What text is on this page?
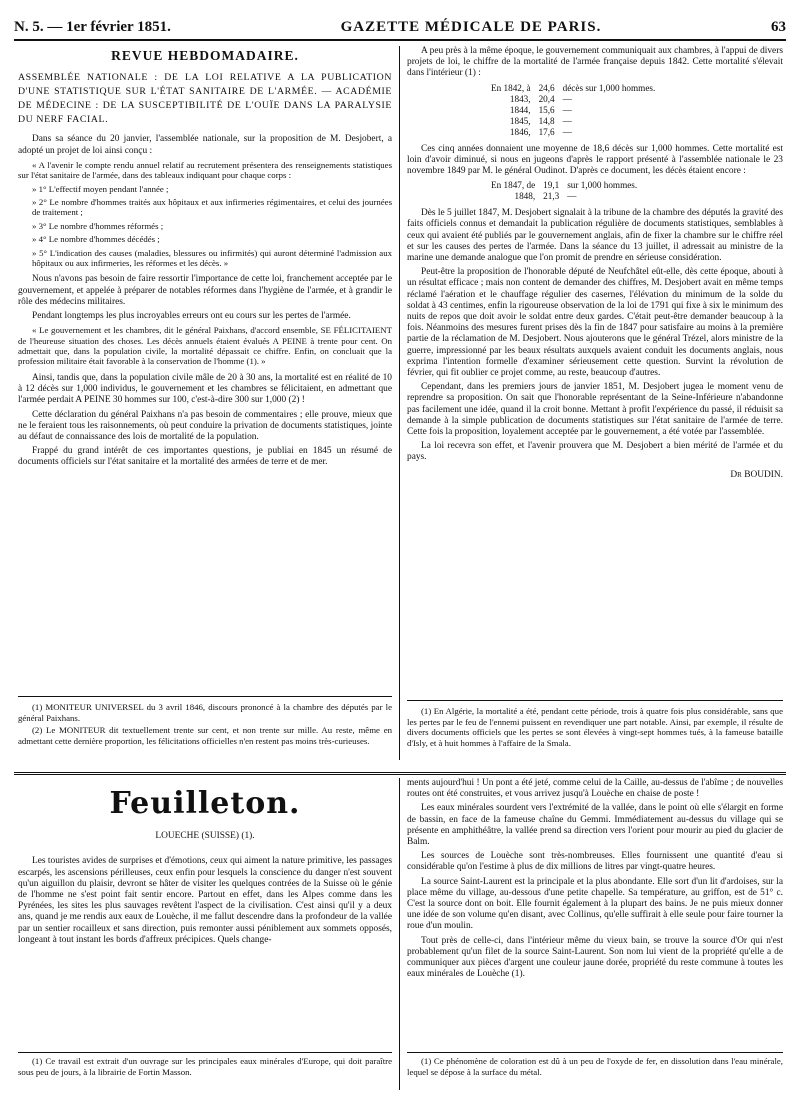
N. 5. — 1er février 1851.	GAZETTE MÉDICALE DE PARIS.	63
REVUE HEBDOMADAIRE.
ASSEMBLÉE NATIONALE : DE LA LOI RELATIVE A LA PUBLICATION D'UNE STATISTIQUE SUR L'ÉTAT SANITAIRE DE L'ARMÉE. — ACADÉMIE DE MÉDECINE : DE LA SUSCEPTIBILITÉ DE L'OUÏE DANS LA PARALYSIE DU NERF FACIAL.

Dans sa séance du 20 janvier, l'assemblée nationale, sur la proposition de M. Desjobert, a adopté un projet de loi ainsi conçu :

« A l'avenir le compte rendu annuel relatif au recrutement présentera des renseignements statistiques sur l'état sanitaire de l'armée, dans des tableaux indiquant pour chaque corps :

» 1° L'effectif moyen pendant l'année ;

» 2° Le nombre d'hommes traités aux hôpitaux et aux infirmeries régimentaires, et celui des journées de traitement ;

» 3° Le nombre d'hommes réformés ;

» 4° Le nombre d'hommes décédés ;

» 5° L'indication des causes (maladies, blessures ou infirmités) qui auront déterminé l'admission aux hôpitaux ou aux infirmeries, les réformes et les décès. »

Nous n'avons pas besoin de faire ressortir l'importance de cette loi, franchement acceptée par le gouvernement, et appelée à préparer de notables réformes dans l'hygiène de l'armée, et à grandir le rôle des médecins militaires.

Pendant longtemps les plus incroyables erreurs ont eu cours sur les pertes de l'armée.

« Le gouvernement et les chambres, dit le général Paixhans, d'accord ensemble, SE FÉLICITAIENT de l'heureuse situation des choses. Les décès annuels étaient évalués A PEINE à trente pour cent. On admettait que, dans la population civile, la mortalité dépassait ce chiffre. Enfin, on concluait que la profession militaire était favorable à la conservation de l'homme (1). »

Ainsi, tandis que, dans la population civile mâle de 20 à 30 ans, la mortalité est en réalité de 10 à 12 décès sur 1,000 individus, le gouvernement et les chambres se félicitaient, en admettant que l'armée perdait A PEINE 30 hommes sur 100, c'est-à-dire 300 sur 1,000 (2) !

Cette déclaration du général Paixhans n'a pas besoin de commentaires ; elle prouve, mieux que ne le feraient tous les raisonnements, où peut conduire la privation de documents statistiques, jointe au défaut de connaissance des lois de mortalité de la population.

Frappé du grand intérêt de ces importantes questions, je publiai en 1845 un résumé de documents officiels sur l'état sanitaire et la mortalité des armées de terre et de mer.

A peu près à la même époque, le gouvernement communiquait aux chambres, à l'appui de divers projets de loi, le chiffre de la mortalité de l'armée française depuis 1842. Cette mortalité s'élevait dans l'intérieur (1) :

En 1842, à	24,6	décès sur 1,000 hommes.
1843,	20,4	—
1844,	15,6	—
1845,	14,8	—
1846,	17,6	—

Ces cinq années donnaient une moyenne de 18,6 décès sur 1,000 hommes. Cette mortalité est loin d'avoir diminué, si nous en jugeons d'après le rapport présenté à l'assemblée nationale le 23 novembre 1849 par M. le général Oudinot. D'après ce document, les décès étaient encore :

En 1847, de	19,1	sur 1,000 hommes.
1848,	21,3	—

Dès le 5 juillet 1847, M. Desjobert signalait à la tribune de la chambre des députés la gravité des faits officiels connus et demandait la publication régulière de documents statistiques, semblables à ceux qui avaient été publiés par le gouvernement anglais, afin de fixer la chambre sur le chiffre réel et sur les causes des pertes de l'armée. Dans la séance du 13 juillet, il adressait au ministre de la marine une demande analogue que l'on promit de prendre en sérieuse considération.

Peut-être la proposition de l'honorable député de Neufchâtel eût-elle, dès cette époque, abouti à un résultat efficace ; mais non content de demander des chiffres, M. Desjobert avait en même temps réclamé l'aération et le chauffage régulier des casernes, l'élévation du minimum de la solde du soldat à 43 centimes, enfin la rigoureuse observation de la loi de 1791 qui fixe à six le minimum des nuits de repos que doit avoir le soldat entre deux gardes. C'était peut-être demander beaucoup à la fois. Néanmoins des mesures furent prises dès la fin de 1847 pour satisfaire au moins à la première partie de la réclamation de M. Desjobert. Nous ajouterons que le général Trézel, alors ministre de la guerre, impressionné par les beaux résultats auxquels avaient conduit les documents anglais, nous exprima l'intention formelle d'examiner sérieusement cette question. Survint la révolution de février, qui fit oublier ce projet comme, au reste, beaucoup d'autres.

Cependant, dans les premiers jours de janvier 1851, M. Desjobert jugea le moment venu de reprendre sa proposition. On sait que l'honorable représentant de la Seine-Inférieure n'abandonne pas facilement une idée, quand il la croit bonne. Mettant à profit l'expérience du passé, il réduisit sa demande à la simple publication de documents statistiques sur l'état sanitaire de l'armée de terre. Cette fois la proposition, loyalement acceptée par le gouvernement, a été votée par l'assemblée.

La loi recevra son effet, et l'avenir prouvera que M. Desjobert a bien mérité de l'armée et du pays.

Dr BOUDIN.

(1) MONITEUR UNIVERSEL du 3 avril 1846, discours prononcé à la chambre des députés par le général Paixhans.

(2) Le MONITEUR dit textuellement trente sur cent, et non trente sur mille. Au reste, même en admettant cette dernière proportion, les félicitations officielles n'en restent pas moins très-curieuses.

(1) En Algérie, la mortalité a été, pendant cette période, trois à quatre fois plus considérable, sans que les pertes par le feu de l'ennemi puissent en revendiquer une part notable. Ainsi, par exemple, il résulte de divers documents officiels que les pertes se sont élevées à vingt-sept hommes tués, à la fameuse bataille d'Isly, et à huit hommes à l'affaire de la Smala.

Feuilleton.
LOUECHE (SUISSE) (1).

Les touristes avides de surprises et d'émotions, ceux qui aiment la nature primitive, les passages escarpés, les ascensions périlleuses, ceux enfin pour lesquels la conscience du danger n'est souvent qu'un aiguillon du plaisir, devront se hâter de visiter les quelques contrées de la Suisse où le génie de l'homme ne s'est point fait sentir encore. Partout en effet, dans les Alpes comme dans les Pyrénées, les sites les plus sauvages revêtent l'aspect de la civilisation. C'est ainsi qu'il y a deux ans, quand je me rendis aux eaux de Louèche, il me fallut descendre dans la profondeur de la vallée par un sentier rocailleux et sans direction, puis remonter aussi péniblement aux sommets opposés, longeant à tout instant les bords d'affreux précipices. Quels change-

ments aujourd'hui ! Un pont a été jeté, comme celui de la Caille, au-dessus de l'abîme ; de nouvelles routes ont été construites, et vous arrivez jusqu'à Louèche en chaise de poste !

Les eaux minérales sourdent vers l'extrémité de la vallée, dans le point où elle s'élargit en forme de bassin, en face de la fameuse chaîne du Gemmi. Immédiatement au-dessus du village qui se présente en amphithéâtre, la vallée prend sa direction vers l'orient pour mourir au pied du glacier de Balm.

Les sources de Louèche sont très-nombreuses. Elles fournissent une quantité d'eau si considérable qu'on l'estime à plus de dix millions de litres par vingt-quatre heures.

La source Saint-Laurent est la principale et la plus abondante. Elle sort d'un lit d'ardoises, sur la place même du village, au-dessous d'une petite chapelle. Sa température, au griffon, est de 51° c. C'est la source dont on boit. Elle fournit également à la plupart des bains. Je ne puis mieux donner une idée de son volume qu'en disant, avec Collinus, qu'elle suffirait à elle seule pour faire tourner la roue d'un moulin.

Tout près de celle-ci, dans l'intérieur même du vieux bain, se trouve la source d'Or qui n'est probablement qu'un filet de la source Saint-Laurent. Son nom lui vient de la propriété qu'elle a de communiquer aux pièces d'argent une couleur jaune dorée, propriété du reste commune à toutes les eaux minérales de Louèche (1).

(1) Ce travail est extrait d'un ouvrage sur les principales eaux minérales d'Europe, qui doit paraître sous peu de jours, à la librairie de Fortin Masson.

(1) Ce phénomène de coloration est dû à un peu de l'oxyde de fer, en dissolution dans l'eau minérale, lequel se dépose à la surface du métal.
